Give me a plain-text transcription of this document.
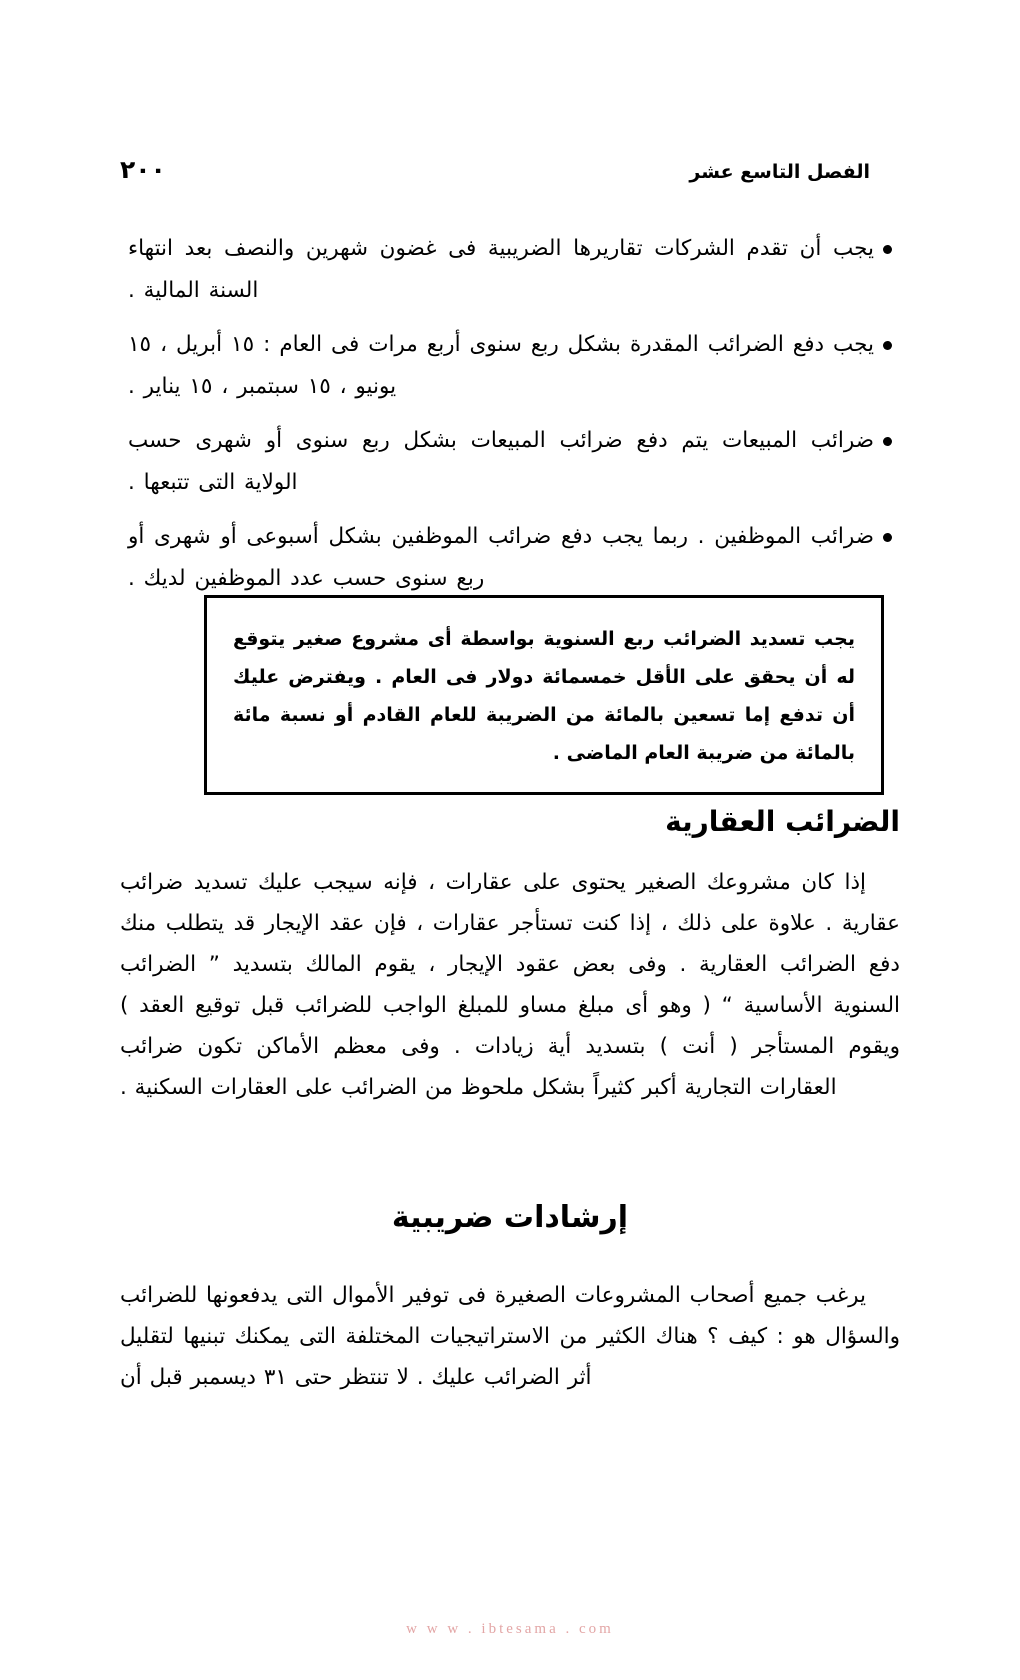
٢٠٠	الفصل التاسع عشر
يجب أن تقدم الشركات تقاريرها الضريبية فى غضون شهرين والنصف بعد انتهاء السنة المالية .
يجب دفع الضرائب المقدرة بشكل ربع سنوى أربع مرات فى العام : ١٥ أبريل ، ١٥ يونيو ، ١٥ سبتمبر ، ١٥ يناير .
ضرائب المبيعات يتم دفع ضرائب المبيعات بشكل ربع سنوى أو شهرى حسب الولاية التى تتبعها .
ضرائب الموظفين . ربما يجب دفع ضرائب الموظفين بشكل أسبوعى أو شهرى أو ربع سنوى حسب عدد الموظفين لديك .
يجب تسديد الضرائب ربع السنوية بواسطة أى مشروع صغير يتوقع له أن يحقق على الأقل خمسمائة دولار فى العام . ويفترض عليك أن تدفع إما تسعين بالمائة من الضريبة للعام القادم أو نسبة مائة بالمائة من ضريبة العام الماضى .
الضرائب العقارية
إذا كان مشروعك الصغير يحتوى على عقارات ، فإنه سيجب عليك تسديد ضرائب عقارية . علاوة على ذلك ، إذا كنت تستأجر عقارات ، فإن عقد الإيجار قد يتطلب منك دفع الضرائب العقارية . وفى بعض عقود الإيجار ، يقوم المالك بتسديد ” الضرائب السنوية الأساسية “ ( وهو أى مبلغ مساو للمبلغ الواجب للضرائب قبل توقيع العقد ) ويقوم المستأجر ( أنت ) بتسديد أية زيادات . وفى معظم الأماكن تكون ضرائب العقارات التجارية أكبر كثيراً بشكل ملحوظ من الضرائب على العقارات السكنية .
إرشادات ضريبية
يرغب جميع أصحاب المشروعات الصغيرة فى توفير الأموال التى يدفعونها للضرائب والسؤال هو : كيف ؟ هناك الكثير من الاستراتيجيات المختلفة التى يمكنك تبنيها لتقليل أثر الضرائب عليك . لا تنتظر حتى ٣١ ديسمبر قبل أن
w w w . ibtesama . com
